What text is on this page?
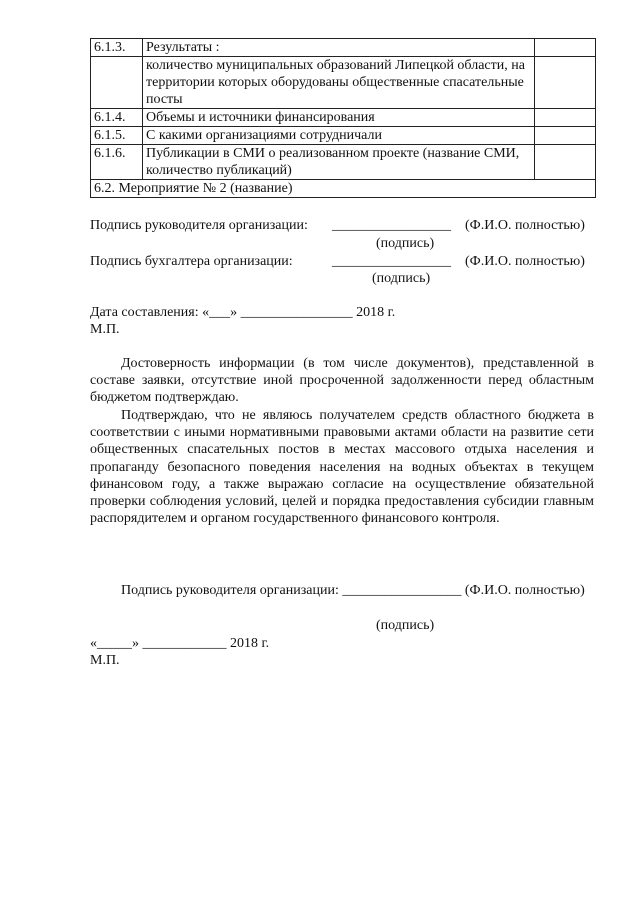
6.1.3.	Результаты :	
	количество муниципальных образований Липецкой области, на территории которых оборудованы общественные спасательные посты	
6.1.4.	Объемы и источники финансирования	
6.1.5.	С какими организациями сотрудничали	
6.1.6.	Публикации в СМИ о реализованном проекте (название СМИ, количество публикаций)	
6.2. Мероприятие № 2 (название)		
Подпись руководителя организации: _________________ (Ф.И.О. полностью)
(подпись)
Подпись бухгалтера организации:	_________________ (Ф.И.О. полностью)
(подпись)
Дата составления: «___» ________________ 2018 г.
М.П.
Достоверность информации (в том числе документов), представленной в составе заявки, отсутствие иной просроченной задолженности перед областным бюджетом подтверждаю.
Подтверждаю, что не являюсь получателем средств областного бюджета в соответствии с иными нормативными правовыми актами области на развитие сети общественных спасательных постов в местах массового отдыха населения и пропаганду безопасного поведения населения на водных объектах в текущем финансовом году, а также выражаю согласие на осуществление обязательной проверки соблюдения условий, целей и порядка предоставления субсидии главным распорядителем и органом государственного финансового контроля.
Подпись руководителя организации: _________________ (Ф.И.О. полностью)
(подпись)
«_____» ____________ 2018 г.
М.П.
